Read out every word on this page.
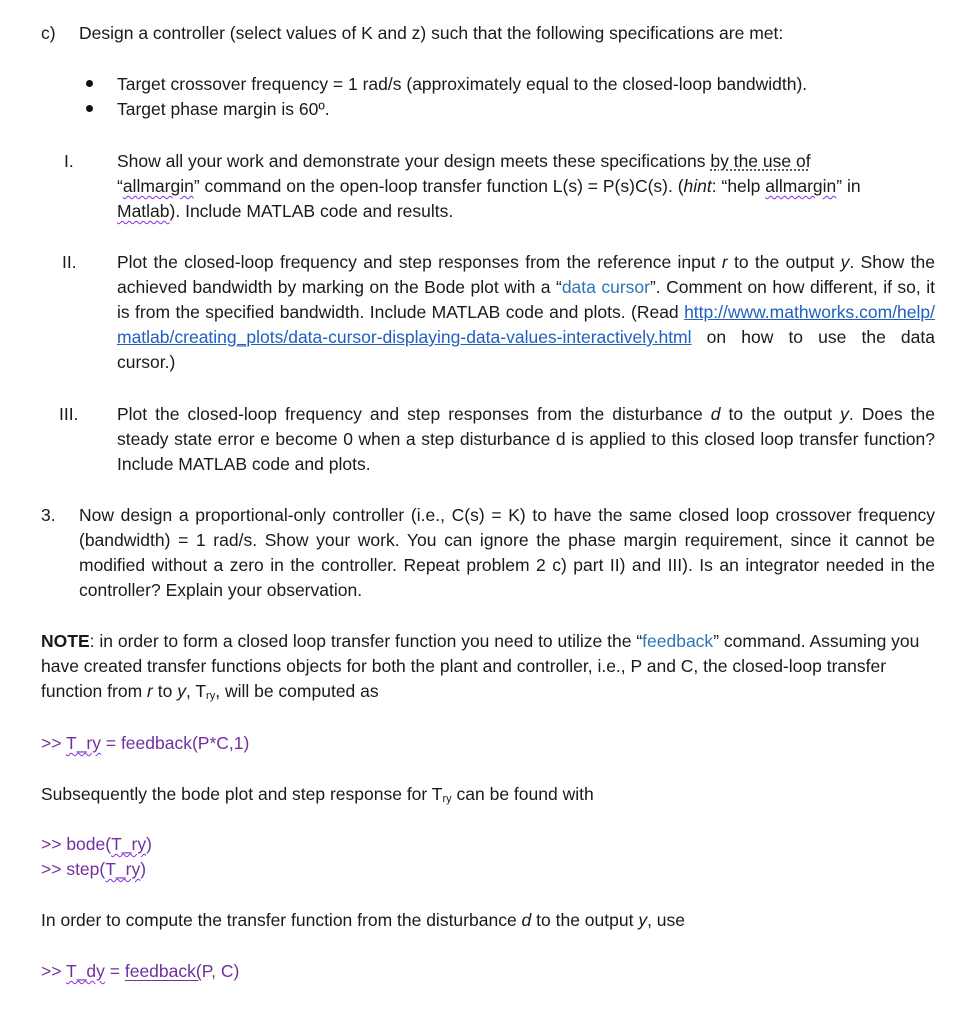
c) Design a controller (select values of K and z) such that the following specifications are met:
Target crossover frequency = 1 rad/s (approximately equal to the closed-loop bandwidth).
Target phase margin is 60º.
I. Show all your work and demonstrate your design meets these specifications by the use of
“allmargin” command on the open-loop transfer function L(s) = P(s)C(s). (hint: “help allmargin” in
Matlab). Include MATLAB code and results.
II. Plot the closed-loop frequency and step responses from the reference input r to the output y. Show the achieved bandwidth by marking on the Bode plot with a “data cursor”. Comment on how different, if so, it is from the specified bandwidth. Include MATLAB code and plots. (Read http://www.mathworks.com/help/matlab/creating_plots/data-cursor-displaying-data-values-interactively.html on how to use the data cursor.)
III. Plot the closed-loop frequency and step responses from the disturbance d to the output y. Does the steady state error e become 0 when a step disturbance d is applied to this closed loop transfer function? Include MATLAB code and plots.
3. Now design a proportional-only controller (i.e., C(s) = K) to have the same closed loop crossover frequency (bandwidth) = 1 rad/s. Show your work. You can ignore the phase margin requirement, since it cannot be modified without a zero in the controller. Repeat problem 2 c) part II) and III). Is an integrator needed in the controller? Explain your observation.
NOTE: in order to form a closed loop transfer function you need to utilize the “feedback” command. Assuming you have created transfer functions objects for both the plant and controller, i.e., P and C, the closed-loop transfer function from r to y, $T_{ry}$, will be computed as
>> T_ry = feedback(P*C,1)
Subsequently the bode plot and step response for $T_{ry}$ can be found with
>> bode(T_ry)
>> step(T_ry)
In order to compute the transfer function from the disturbance d to the output y, use
>> T_dy = feedback(P, C)
